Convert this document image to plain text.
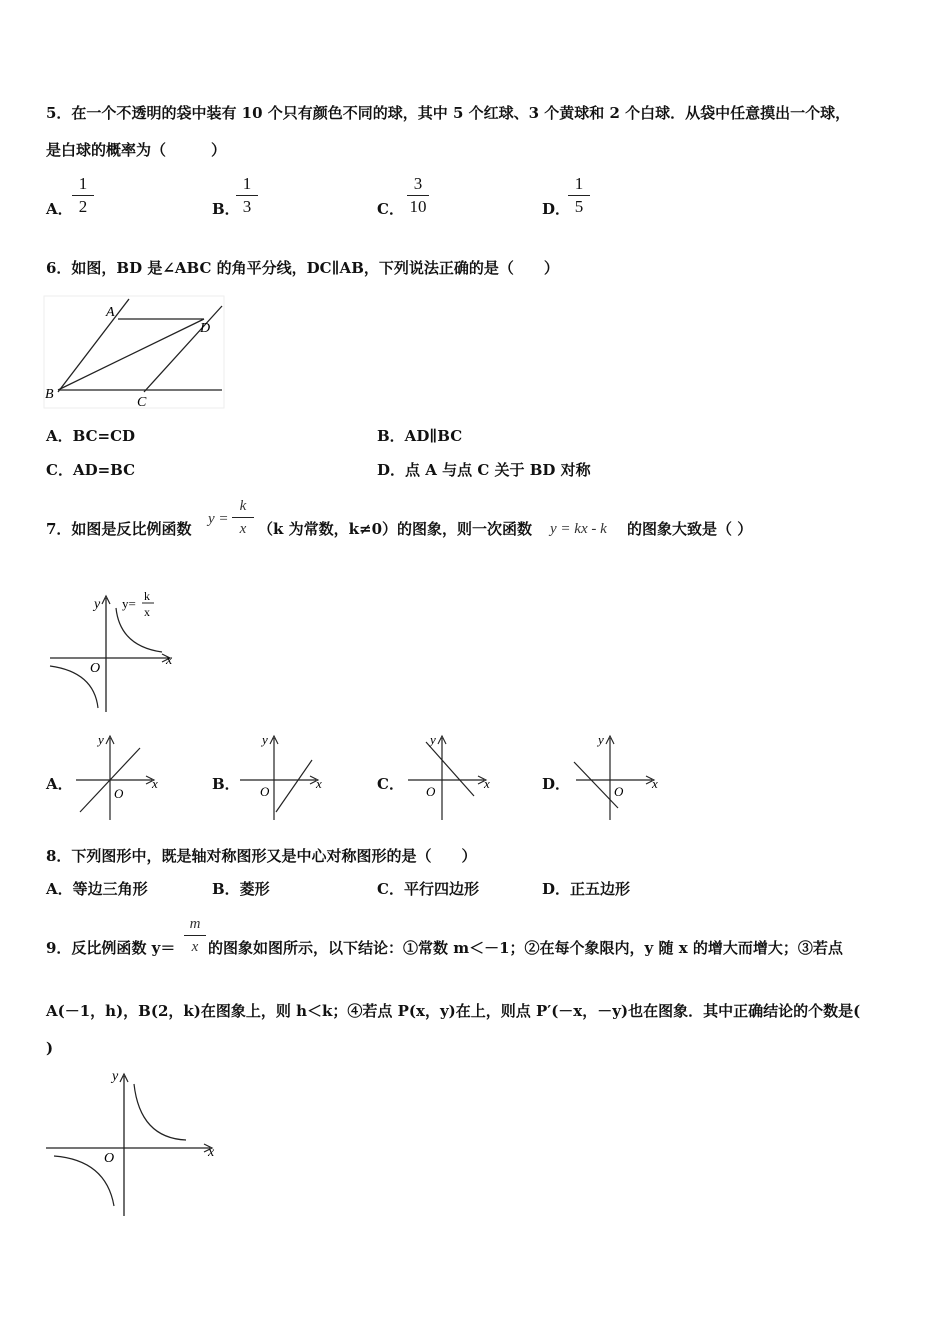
5．在一个不透明的袋中装有 10 个只有颜色不同的球，其中 5 个红球、3 个黄球和 2 个白球．从袋中任意摸出一个球，
是白球的概率为（　　　）
A．
1
2	B．
1
3	C．
3
10	D．
1
5
6．如图，BD 是∠ABC 的角平分线，DC∥AB，下列说法正确的是（　　）
A
D
B
C
A．BC=CD	B．AD∥BC
C．AD=BC	D．点 A 与点 C 关于 BD 对称
7．如图是反比例函数
y =
k
x （k 为常数，k≠0）的图象，则一次函数 y = kx - k 的图象大致是（ ）
y
x
O
y= k
x
A．
y
x
O
B．
y
x
O	C．
y
x
O	D．
y
x
O
8．下列图形中，既是轴对称图形又是中心对称图形的是（　　）
A．等边三角形	B．菱形	C．平行四边形	D．正五边形
9．反比例函数 y＝
m
x 的图象如图所示，以下结论：①常数 m＜－1；②在每个象限内，y 随 x 的增大而增大；③若点
A(－1，h)，B(2，k)在图象上，则 h＜k；④若点 P(x，y)在上，则点 P′(－x，－y)也在图象．其中正确结论的个数是(
)
y
x
O
